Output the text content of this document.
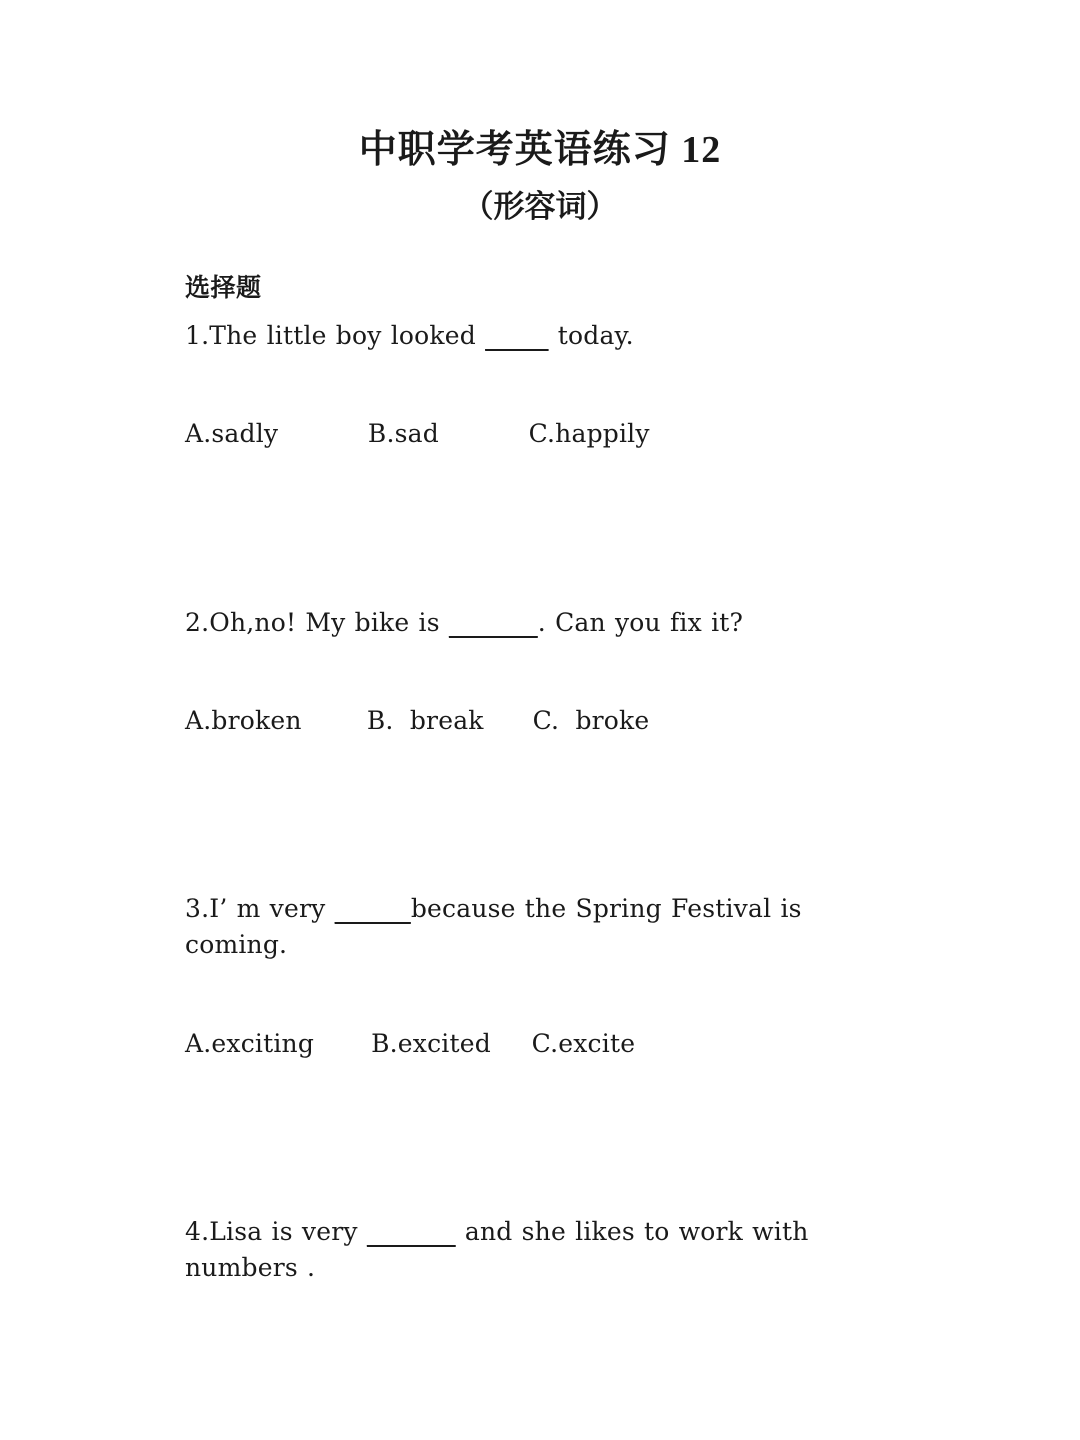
中职学考英语练习 12
（形容词）
选择题
1.The little boy looked _____ today.
A.sadly	B.sad	C.happily
2.Oh,no! My bike is _______. Can you fix it?
A.broken	B.  break C.  broke
3.I’ m very ______because the Spring Festival is coming.
A.exciting B.excited C.excite
4.Lisa is very _______ and she likes to work with numbers .
